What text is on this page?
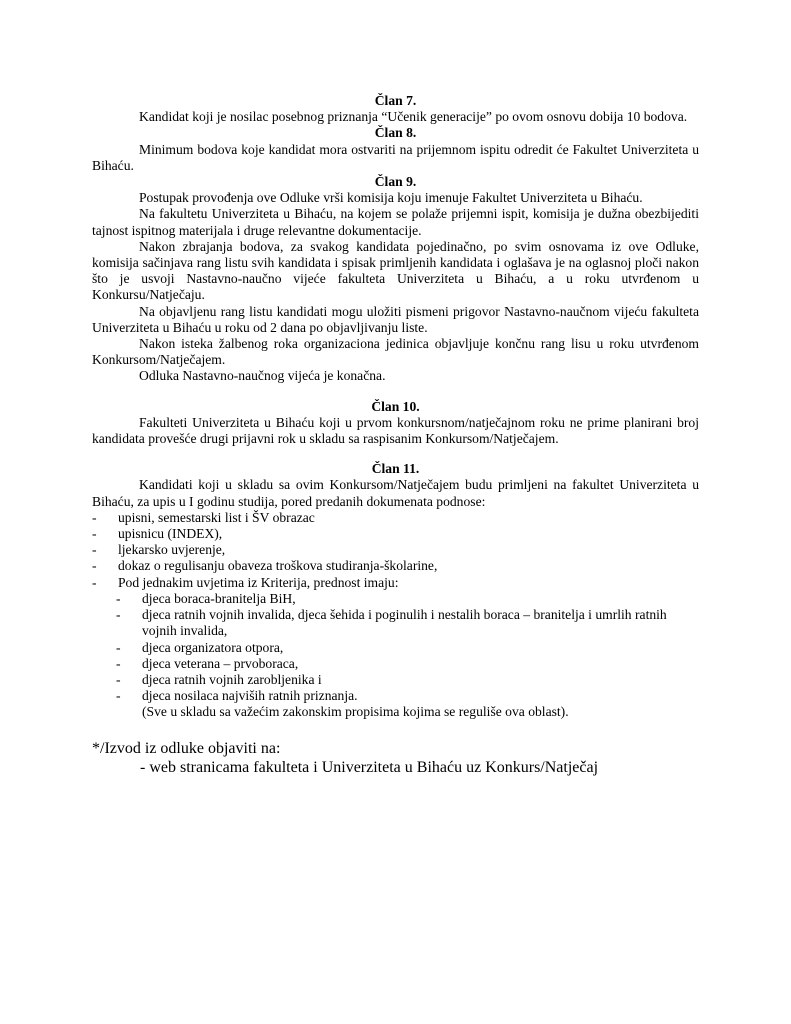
Član 7.

Kandidat koji je nosilac posebnog priznanja “Učenik generacije” po ovom osnovu dobija 10 bodova.

Član 8.

Minimum bodova koje kandidat mora ostvariti na prijemnom ispitu odredit će Fakultet Univerziteta u Bihaću.

Član 9.

Postupak provođenja ove Odluke vrši komisija koju imenuje Fakultet Univerziteta u Bihaću.

Na fakultetu Univerziteta u Bihaću, na kojem se polaže prijemni ispit, komisija je dužna obezbijediti tajnost ispitnog materijala i druge relevantne dokumentacije.

Nakon zbrajanja bodova, za svakog kandidata pojedinačno, po svim osnovama iz ove Odluke, komisija sačinjava rang listu svih kandidata i spisak primljenih kandidata i oglašava je na oglasnoj ploči nakon što je usvoji Nastavno-naučno vijeće fakulteta Univerziteta u Bihaću, a u roku utvrđenom u Konkursu/Natječaju.

Na objavljenu rang listu kandidati mogu uložiti pismeni prigovor Nastavno-naučnom vijeću fakulteta Univerziteta u Bihaću u roku od 2 dana po objavljivanju liste.

Nakon isteka žalbenog roka organizaciona jedinica objavljuje končnu rang lisu u roku utvrđenom Konkursom/Natječajem.

Odluka Nastavno-naučnog vijeća je konačna.

Član 10.

Fakulteti Univerziteta u Bihaću koji u prvom konkursnom/natječajnom roku ne prime planirani broj kandidata provešće drugi prijavni rok u skladu sa raspisanim Konkursom/Natječajem.

Član 11.

Kandidati koji u skladu sa ovim Konkursom/Natječajem budu primljeni na fakultet Univerziteta u Bihaću, za upis u I godinu studija, pored predanih dokumenata podnose:

- upisni, semestarski list i ŠV obrazac
- upisnicu (INDEX),
- ljekarsko uvjerenje,
- dokaz o regulisanju obaveza troškova studiranja-školarine,
- Pod jednakim uvjetima iz Kriterija, prednost imaju:
- djeca boraca-branitelja BiH,
- djeca ratnih vojnih invalida, djeca šehida i poginulih i nestalih boraca – branitelja i umrlih ratnih vojnih invalida,
- djeca organizatora otpora,
- djeca veterana – prvoboraca,
- djeca ratnih vojnih zarobljenika i
- djeca nosilaca najviših ratnih priznanja.

(Sve u skladu sa važećim zakonskim propisima kojima se reguliše ova oblast).

*/Izvod iz odluke objaviti na:
- web stranicama fakulteta i Univerziteta u Bihaću uz Konkurs/Natječaj
